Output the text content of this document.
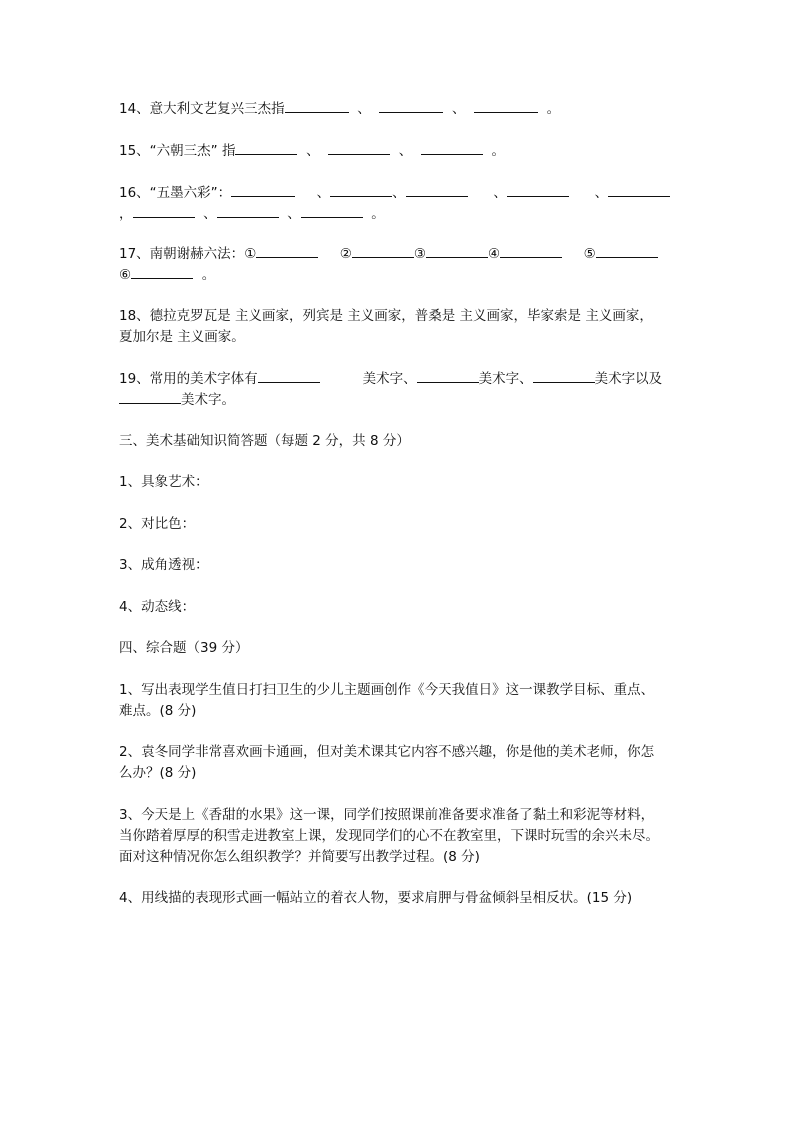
14、意大利文艺复兴三杰指	、	、	。
15、“六朝三杰” 指	、	、	。
16、“五墨六彩”：	、	、	、	、
，	、	、	。
17、南朝谢赫六法：①	②	③	④	⑤
⑥	。
18、德拉克罗瓦是 主义画家，列宾是 主义画家，普桑是 主义画家，毕家索是 主义画家，
夏加尔是 主义画家。
19、常用的美术字体有	美术字、	美术字、	美术字以及
美术字。
三、美术基础知识简答题（每题 2 分，共 8 分）
1、具象艺术：
2、对比色：
3、成角透视：
4、动态线：
四、综合题（39 分）
1、写出表现学生值日打扫卫生的少儿主题画创作《今天我值日》这一课教学目标、重点、
难点。(8 分)
2、袁冬同学非常喜欢画卡通画，但对美术课其它内容不感兴趣，你是他的美术老师，你怎
么办？(8 分)
3、今天是上《香甜的水果》这一课，同学们按照课前准备要求准备了黏土和彩泥等材料，
当你踏着厚厚的积雪走进教室上课，发现同学们的心不在教室里，下课时玩雪的余兴未尽。
面对这种情况你怎么组织教学？并简要写出教学过程。(8 分)
4、用线描的表现形式画一幅站立的着衣人物，要求肩胛与骨盆倾斜呈相反状。(15 分)
